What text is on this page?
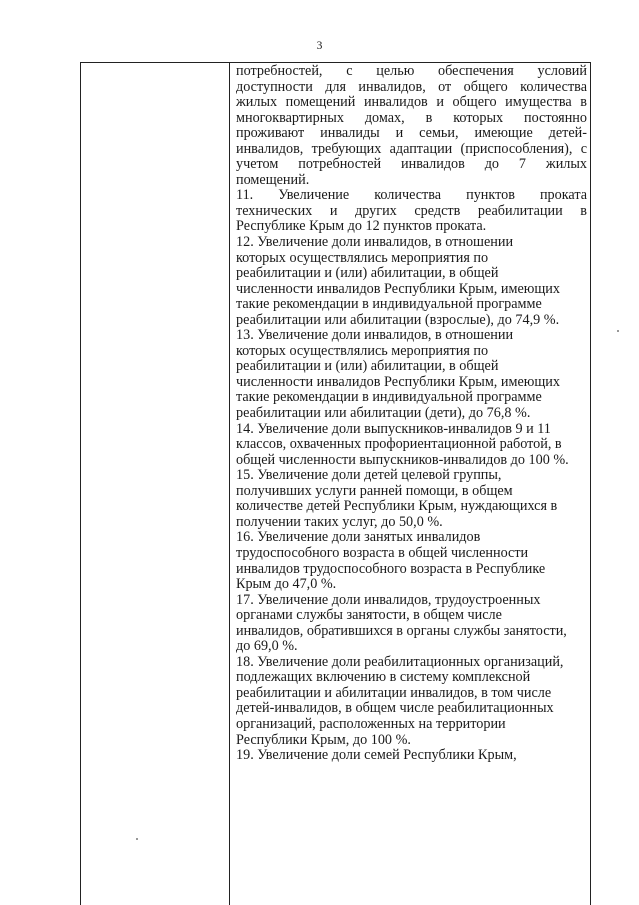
3

потребностей, с целью обеспечения условий
доступности для инвалидов, от общего количества
жилых помещений инвалидов и общего имущества в
многоквартирных домах, в которых постоянно
проживают инвалиды и семьи, имеющие детей-
инвалидов, требующих адаптации (приспособления), с
учетом потребностей инвалидов до 7 жилых
помещений.

11. Увеличение количества пунктов проката
технических и других средств реабилитации в
Республике Крым до 12 пунктов проката.

12. Увеличение доли инвалидов, в отношении
которых осуществлялись мероприятия по
реабилитации и (или) абилитации, в общей
численности инвалидов Республики Крым, имеющих
такие рекомендации в индивидуальной программе
реабилитации или абилитации (взрослые), до 74,9 %.

13. Увеличение доли инвалидов, в отношении
которых осуществлялись мероприятия по
реабилитации и (или) абилитации, в общей
численности инвалидов Республики Крым, имеющих
такие рекомендации в индивидуальной программе
реабилитации или абилитации (дети), до 76,8 %.

14. Увеличение доли выпускников-инвалидов 9 и 11
классов, охваченных профориентационной работой, в
общей численности выпускников-инвалидов до 100 %.

15. Увеличение доли детей целевой группы,
получивших услуги ранней помощи, в общем
количестве детей Республики Крым, нуждающихся в
получении таких услуг, до 50,0 %.

16. Увеличение доли занятых инвалидов
трудоспособного возраста в общей численности
инвалидов трудоспособного возраста в Республике
Крым до 47,0 %.

17. Увеличение доли инвалидов, трудоустроенных
органами службы занятости, в общем числе
инвалидов, обратившихся в органы службы занятости,
до 69,0 %.

18. Увеличение доли реабилитационных организаций,
подлежащих включению в систему комплексной
реабилитации и абилитации инвалидов, в том числе
детей-инвалидов, в общем числе реабилитационных
организаций, расположенных на территории
Республики Крым, до 100 %.

19. Увеличение доли семей Республики Крым,
